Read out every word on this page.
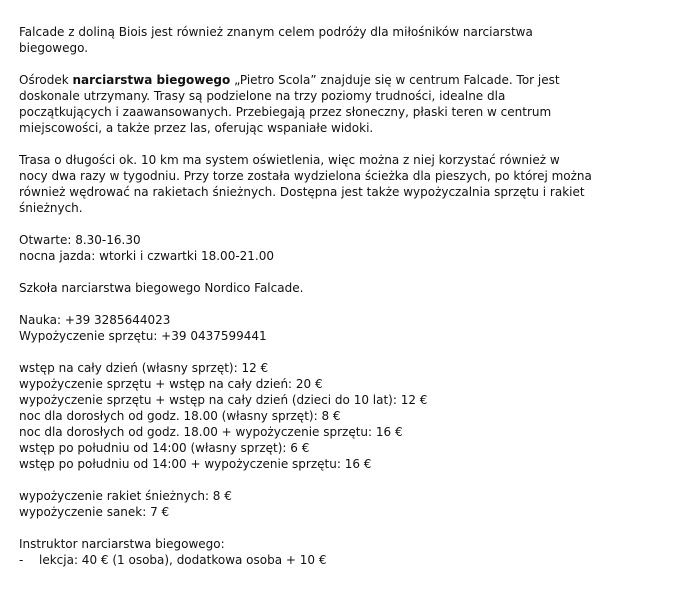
Falcade z doliną Biois jest również znanym celem podróży dla miłośników narciarstwa
biegowego.

Ośrodek narciarstwa biegowego „Pietro Scola” znajduje się w centrum Falcade. Tor jest
doskonale utrzymany. Trasy są podzielone na trzy poziomy trudności, idealne dla
początkujących i zaawansowanych. Przebiegają przez słoneczny, płaski teren w centrum
miejscowości, a także przez las, oferując wspaniałe widoki.

Trasa o długości ok. 10 km ma system oświetlenia, więc można z niej korzystać również w
nocy dwa razy w tygodniu. Przy torze została wydzielona ścieżka dla pieszych, po której można
również wędrować na rakietach śnieżnych. Dostępna jest także wypożyczalnia sprzętu i rakiet
śnieżnych.

Otwarte: 8.30-16.30
nocna jazda: wtorki i czwartki 18.00-21.00

Szkoła narciarstwa biegowego Nordico Falcade.

Nauka: +39 3285644023
Wypożyczenie sprzętu: +39 0437599441

wstęp na cały dzień (własny sprzęt): 12 €
wypożyczenie sprzętu + wstęp na cały dzień: 20 €
wypożyczenie sprzętu + wstęp na cały dzień (dzieci do 10 lat): 12 €
noc dla dorosłych od godz. 18.00 (własny sprzęt): 8 €
noc dla dorosłych od godz. 18.00 + wypożyczenie sprzętu: 16 €
wstęp po południu od 14:00 (własny sprzęt): 6 €
wstęp po południu od 14:00 + wypożyczenie sprzętu: 16 €

wypożyczenie rakiet śnieżnych: 8 €
wypożyczenie sanek: 7 €

Instruktor narciarstwa biegowego:
- lekcja: 40 € (1 osoba), dodatkowa osoba + 10 €
